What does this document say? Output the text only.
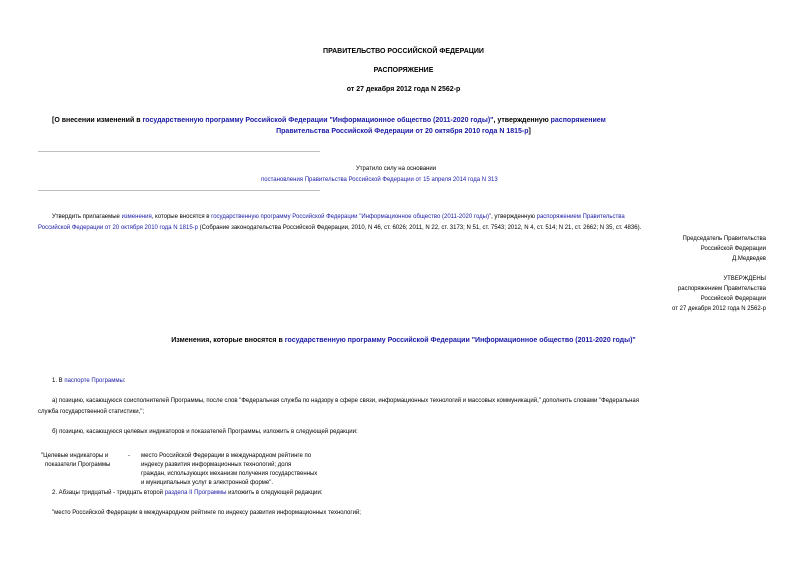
ПРАВИТЕЛЬСТВО РОССИЙСКОЙ ФЕДЕРАЦИИ
РАСПОРЯЖЕНИЕ
от 27 декабря 2012 года N 2562-р
[О внесении изменений в государственную программу Российской Федерации "Информационное общество (2011-2020 годы)", утвержденную распоряжением
Правительства Российской Федерации от 20 октября 2010 года N 1815-р]
Утратило силу на основании
постановления Правительства Российской Федерации от 15 апреля 2014 года N 313
Утвердить прилагаемые изменения, которые вносятся в государственную программу Российской Федерации "Информационное общество (2011-2020 годы)", утвержденную распоряжением Правительства
Российской Федерации от 20 октября 2010 года N 1815-р (Собрание законодательства Российской Федерации, 2010, N 46, ст. 6026; 2011, N 22, ст. 3173; N 51, ст. 7543; 2012, N 4, ст. 514; N 21, ст. 2662; N 35, ст. 4836).
Председатель Правительства
Российской Федерации
Д.Медведев
УТВЕРЖДЕНЫ
распоряжением Правительства
Российской Федерации
от 27 декабря 2012 года N 2562-р
Изменения, которые вносятся в государственную программу Российской Федерации "Информационное общество (2011-2020 годы)"
1. В паспорте Программы:
а) позицию, касающуюся соисполнителей Программы, после слов "Федеральная служба по надзору в сфере связи, информационных технологий и массовых коммуникаций," дополнить словами "Федеральная
служба государственной статистики,";
б) позицию, касающуюся целевых индикаторов и показателей Программы, изложить в следующей редакции:
"Целевые индикаторы и
показатели Программы
- место Российской Федерации в международном рейтинге по
индексу развития информационных технологий; доля
граждан, использующих механизм получения государственных
и муниципальных услуг в электронной форме".
2. Абзацы тридцатый - тридцать второй раздела II Программы изложить в следующей редакции:
"место Российской Федерации в международном рейтинге по индексу развития информационных технологий;
